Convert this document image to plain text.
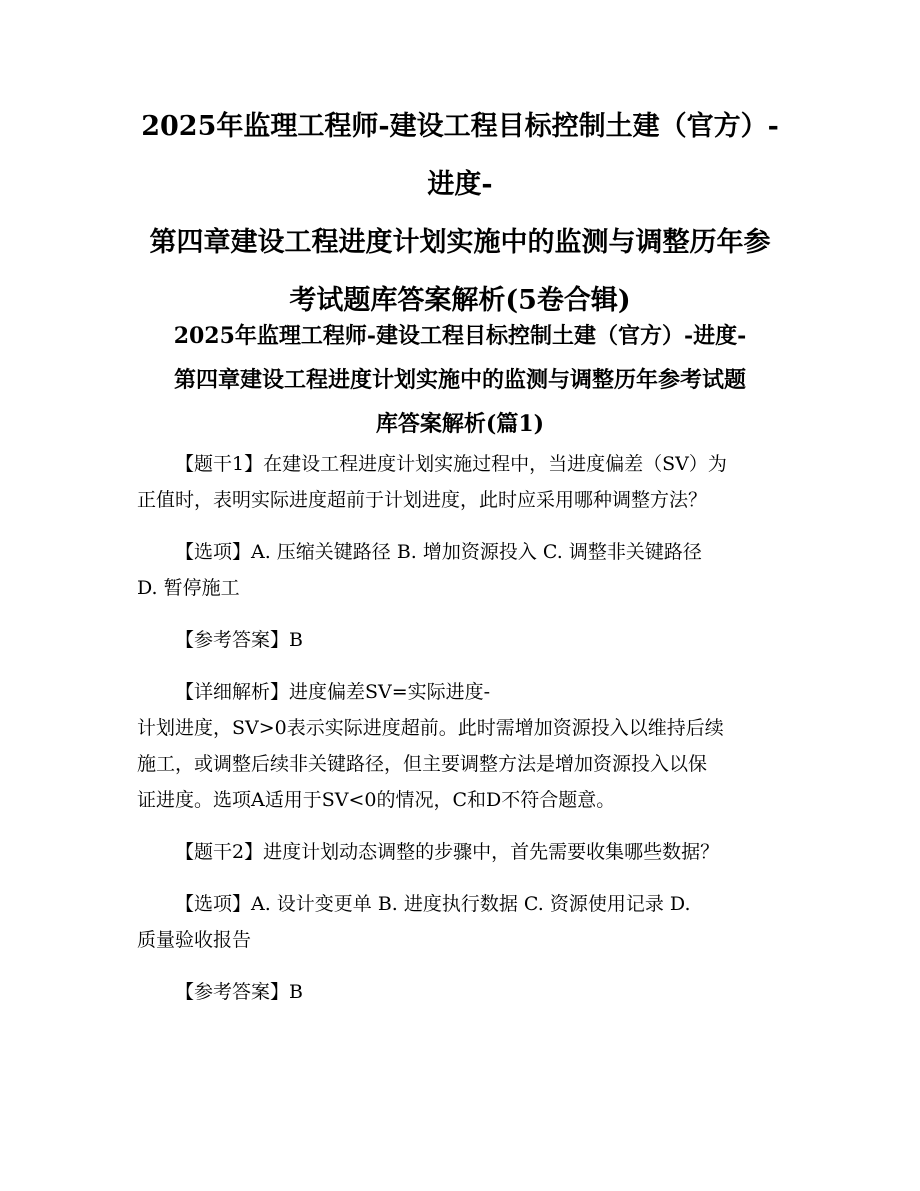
2025年监理工程师-建设工程目标控制土建（官方）-
进度-
第四章建设工程进度计划实施中的监测与调整历年参
考试题库答案解析(5卷合辑)
2025年监理工程师-建设工程目标控制土建（官方）-进度-
第四章建设工程进度计划实施中的监测与调整历年参考试题
库答案解析(篇1)
【题干1】在建设工程进度计划实施过程中，当进度偏差（SV）为
正值时，表明实际进度超前于计划进度，此时应采用哪种调整方法？
【选项】A. 压缩关键路径 B. 增加资源投入 C. 调整非关键路径
D. 暂停施工
【参考答案】B
【详细解析】进度偏差SV=实际进度-
计划进度，SV>0表示实际进度超前。此时需增加资源投入以维持后续
施工，或调整后续非关键路径，但主要调整方法是增加资源投入以保
证进度。选项A适用于SV<0的情况，C和D不符合题意。
【题干2】进度计划动态调整的步骤中，首先需要收集哪些数据？
【选项】A. 设计变更单 B. 进度执行数据 C. 资源使用记录 D.
质量验收报告
【参考答案】B
